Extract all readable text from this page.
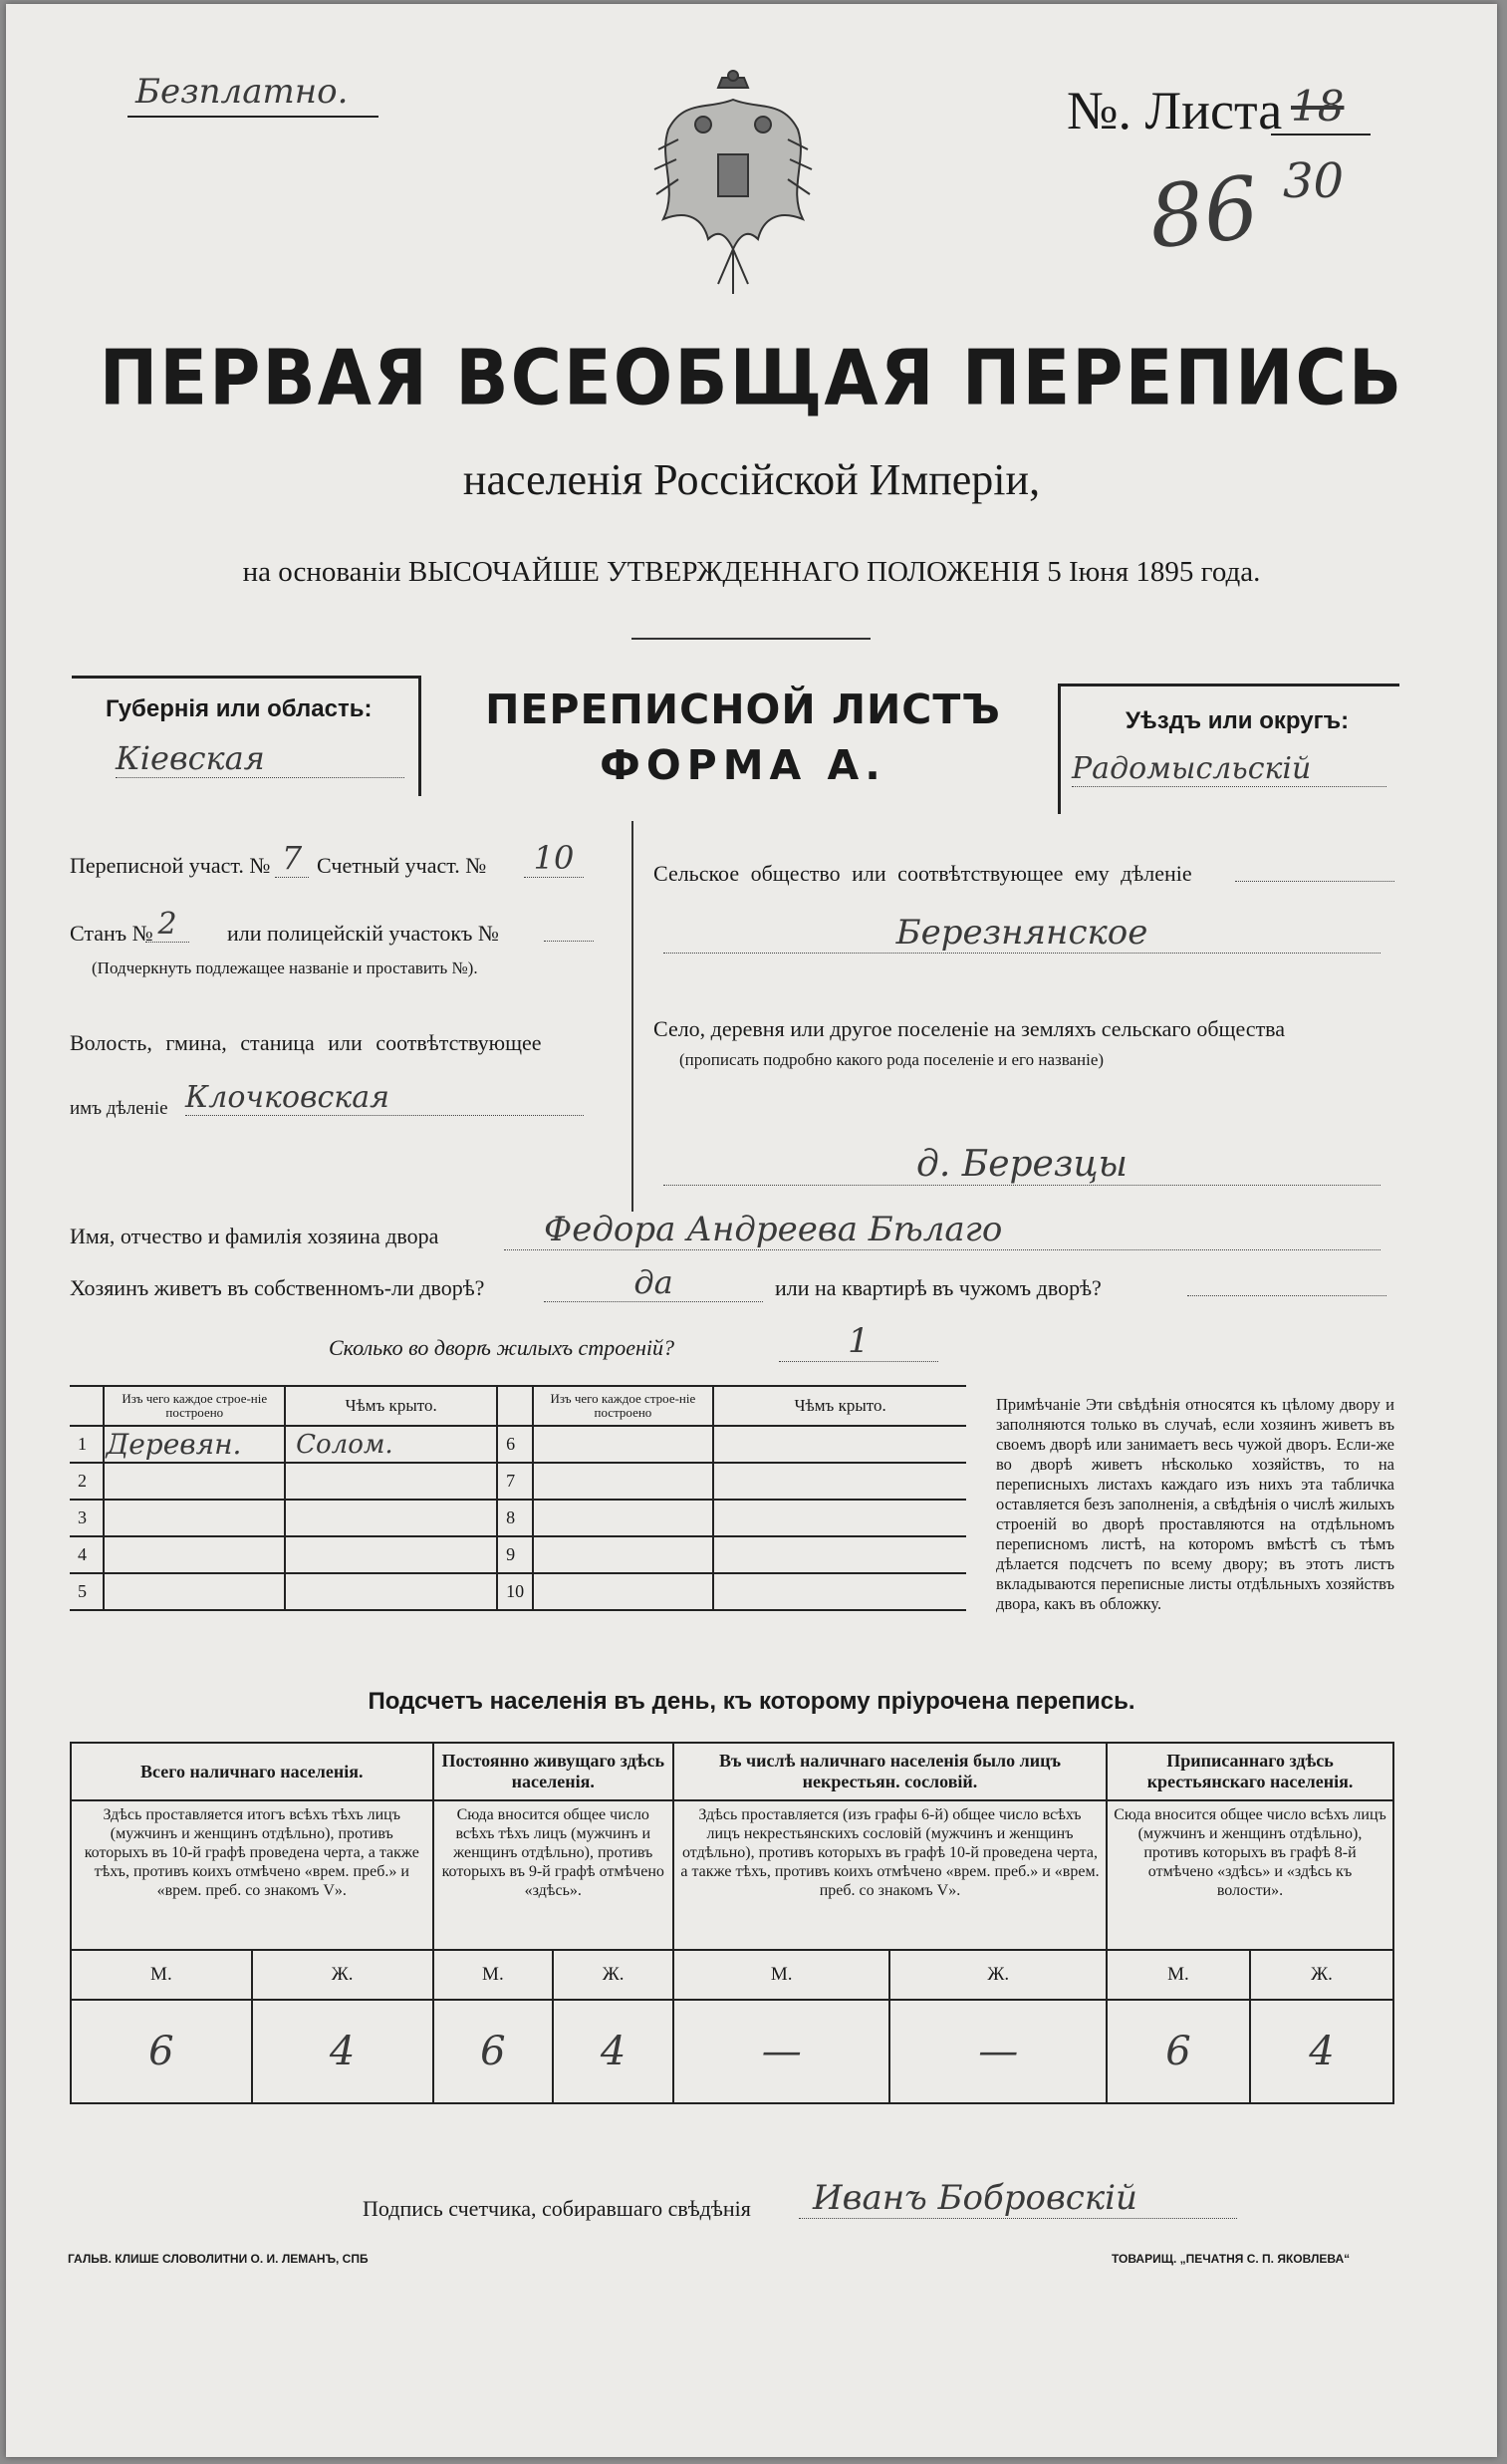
Безплатно.	№. Листа 18
86 30
ПЕРВАЯ ВСЕОБЩАЯ ПЕРЕПИСЬ
населенія Россійской Имперіи,
на основаніи ВЫСОЧАЙШЕ УТВЕРЖДЕННАГО ПОЛОЖЕНІЯ 5 Іюня 1895 года.
Губернія или область:
Кіевская
ПЕРЕПИСНОЙ ЛИСТЪ
ФОРМА А.
Уѣздъ или округъ:
Радомысльскій
Переписной участ. № 7 Счетный участ. №	10
Станъ № 2	или полицейскій участокъ №
(Подчеркнуть подлежащее названіе и проставить №).
Волость, гмина, станица или соотвѣтствующее
имъ дѣленіе Клочковская
Сельское общество или соотвѣтствующее ему дѣленіе
Березнянское
Село, деревня или другое поселеніе на земляхъ сельскаго общества
(прописать подробно какого рода поселеніе и его названіе)
д. Березцы
Имя, отчество и фамилія хозяина двора	Федора Андреева Бѣлаго
Хозяинъ живетъ въ собственномъ-ли дворѣ?	да	или на квартирѣ въ чужомъ дворѣ?
Сколько во дворѣ жилыхъ строеній?	1
	Изъ чего каждое строе-ніе построено	Чѣмъ крыто.		Изъ чего каждое строе-ніе построено	Чѣмъ крыто.
1	Деревян.	Солом.	6		
2			7		
3			8		
4			9		
5			10		
Примѣчаніе Эти свѣдѣнія относятся къ цѣлому двору и заполняются только въ случаѣ, если хозяинъ живетъ въ своемъ дворѣ или занимаетъ весь чужой дворъ. Если-же во дворѣ живетъ нѣсколько хозяйствъ, то на переписныхъ листахъ каждаго изъ нихъ эта табличка оставляется безъ заполненія, а свѣдѣнія о числѣ жилыхъ строеній во дворѣ проставляются на отдѣльномъ переписномъ листѣ, на которомъ вмѣстѣ съ тѣмъ дѣлается подсчетъ по всему двору; въ этотъ листъ вкладываются переписные листы отдѣльныхъ хозяйствъ двора, какъ въ обложку.
Подсчетъ населенія въ день, къ которому пріурочена перепись.
Всего наличнаго населенія.		Постоянно живущаго здѣсь населенія.		Въ числѣ наличнаго населенія было лицъ некрестьян. сословій.		Приписаннаго здѣсь крестьянскаго населенія.	
Здѣсь проставляется итогъ всѣхъ тѣхъ лицъ (мужчинъ и женщинъ отдѣльно), противъ которыхъ въ 10-й графѣ проведена черта, а также тѣхъ, противъ коихъ отмѣчено «врем. преб.» и «врем. преб. со знакомъ V».		Сюда вносится общее число всѣхъ тѣхъ лицъ (мужчинъ и женщинъ отдѣльно), противъ которыхъ въ 9-й графѣ отмѣчено «здѣсь».		Здѣсь проставляется (изъ графы 6-й) общее число всѣхъ лицъ некрестьянскихъ сословій (мужчинъ и женщинъ отдѣльно), противъ которыхъ въ графѣ 10-й проведена черта, а также тѣхъ, противъ коихъ отмѣчено «врем. преб.» и «врем. преб. со знакомъ V».		Сюда вносится общее число всѣхъ лицъ (мужчинъ и женщинъ отдѣльно), противъ которыхъ въ графѣ 8-й отмѣчено «здѣсь» и «здѣсь къ волости».	
М.	Ж.	М.	Ж.	М.	Ж.	М.	Ж.
6	4	6	4	—	—	6	4
Подпись счетчика, собиравшаго свѣдѣнія	Иванъ Бобровскій
ГАЛЬВ. КЛИШЕ СЛОВОЛИТНИ О. И. ЛЕМАНЪ, СПБ	ТОВАРИЩ. „ПЕЧАТНЯ С. П. ЯКОВЛЕВА“
